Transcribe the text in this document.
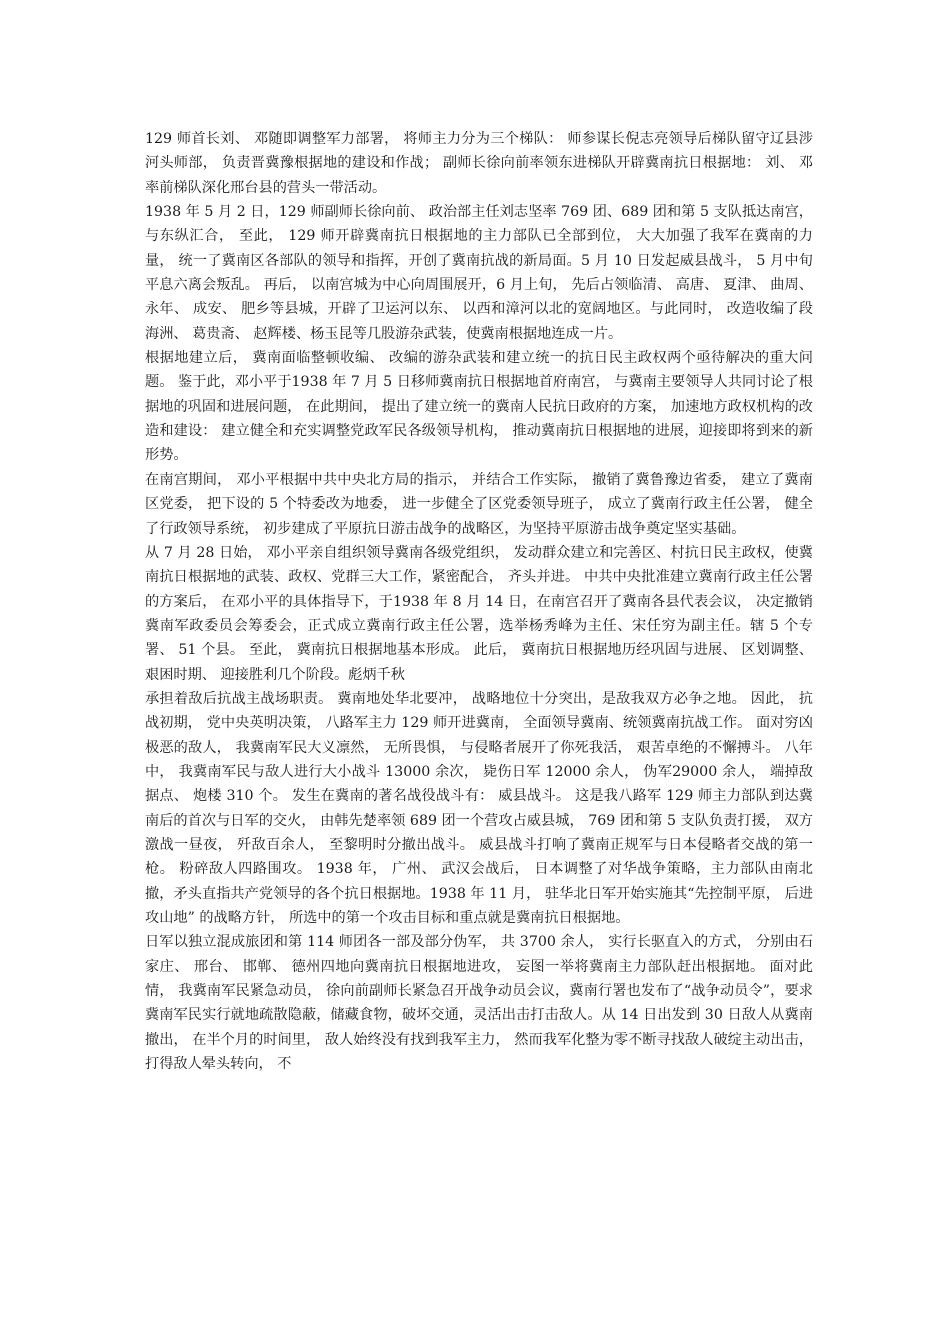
129 师首长刘、 邓随即调整军力部署， 将师主力分为三个梯队： 师参谋长倪志亮领导后梯队留守辽县涉河头师部， 负责晋冀豫根据地的建设和作战； 副师长徐向前率领东进梯队开辟冀南抗日根据地： 刘、 邓率前梯队深化邢台县的营头一带活动。

1938 年 5 月 2 日，129 师副师长徐向前、 政治部主任刘志坚率 769 团、689 团和第 5 支队抵达南宫， 与东纵汇合， 至此， 129 师开辟冀南抗日根据地的主力部队已全部到位， 大大加强了我军在冀南的力量， 统一了冀南区各部队的领导和指挥，开创了冀南抗战的新局面。5 月 10 日发起威县战斗， 5 月中旬平息六离会叛乱。 再后， 以南宫城为中心向周围展开，6 月上旬， 先后占领临清、 高唐、 夏津、 曲周、永年、 成安、 肥乡等县城，开辟了卫运河以东、 以西和漳河以北的宽阔地区。与此同时， 改造收编了段海洲、 葛贵斋、 赵辉楼、杨玉昆等几股游杂武装，使冀南根据地连成一片。

根据地建立后， 冀南面临整顿收编、 改编的游杂武装和建立统一的抗日民主政权两个亟待解决的重大问题。 鉴于此，邓小平于1938 年 7 月 5 日移师冀南抗日根据地首府南宫， 与冀南主要领导人共同讨论了根据地的巩固和进展问题， 在此期间， 提出了建立统一的冀南人民抗日政府的方案， 加速地方政权机构的改造和建设： 建立健全和充实调整党政军民各级领导机构， 推动冀南抗日根据地的进展，迎接即将到来的新形势。

在南宫期间， 邓小平根据中共中央北方局的指示， 并结合工作实际， 撤销了冀鲁豫边省委， 建立了冀南区党委， 把下设的 5 个特委改为地委， 进一步健全了区党委领导班子， 成立了冀南行政主任公署， 健全了行政领导系统， 初步建成了平原抗日游击战争的战略区，为坚持平原游击战争奠定坚实基础。

从 7 月 28 日始， 邓小平亲自组织领导冀南各级党组织， 发动群众建立和完善区、村抗日民主政权，使冀南抗日根据地的武装、政权、党群三大工作，紧密配合， 齐头并进。 中共中央批准建立冀南行政主任公署的方案后， 在邓小平的具体指导下，于1938 年 8 月 14 日，在南宫召开了冀南各县代表会议， 决定撤销冀南军政委员会筹委会，正式成立冀南行政主任公署，选举杨秀峰为主任、宋任穷为副主任。辖 5 个专署、 51 个县。 至此， 冀南抗日根据地基本形成。 此后， 冀南抗日根据地历经巩固与进展、 区划调整、 艰困时期、 迎接胜利几个阶段。彪炳千秋

承担着敌后抗战主战场职责。 冀南地处华北要冲， 战略地位十分突出，是敌我双方必争之地。 因此， 抗战初期， 党中央英明决策， 八路军主力 129 师开进冀南， 全面领导冀南、统领冀南抗战工作。 面对穷凶极恶的敌人， 我冀南军民大义凛然， 无所畏惧， 与侵略者展开了你死我活， 艰苦卓绝的不懈搏斗。 八年中， 我冀南军民与敌人进行大小战斗 13000 余次， 毙伤日军 12000 余人， 伪军29000 余人， 端掉敌据点、 炮楼 310 个。 发生在冀南的著名战役战斗有： 威县战斗。 这是我八路军 129 师主力部队到达冀南后的首次与日军的交火， 由韩先楚率领 689 团一个营攻占威县城， 769 团和第 5 支队负责打援， 双方激战一昼夜， 歼敌百余人， 至黎明时分撤出战斗。 威县战斗打响了冀南正规军与日本侵略者交战的第一枪。 粉碎敌人四路围攻。 1938 年， 广州、 武汉会战后， 日本调整了对华战争策略，主力部队由南北撤，矛头直指共产党领导的各个抗日根据地。1938 年 11 月， 驻华北日军开始实施其“先控制平原， 后进攻山地” 的战略方针， 所选中的第一个攻击目标和重点就是冀南抗日根据地。

日军以独立混成旅团和第 114 师团各一部及部分伪军， 共 3700 余人， 实行长驱直入的方式， 分别由石家庄、 邢台、 邯郸、 德州四地向冀南抗日根据地进攻， 妄图一举将冀南主力部队赶出根据地。 面对此情， 我冀南军民紧急动员， 徐向前副师长紧急召开战争动员会议，冀南行署也发布了“战争动员令”，要求冀南军民实行就地疏散隐蔽，储藏食物，破坏交通，灵活出击打击敌人。从 14 日出发到 30 日敌人从冀南撤出， 在半个月的时间里， 敌人始终没有找到我军主力， 然而我军化整为零不断寻找敌人破绽主动出击， 打得敌人晕头转向， 不
